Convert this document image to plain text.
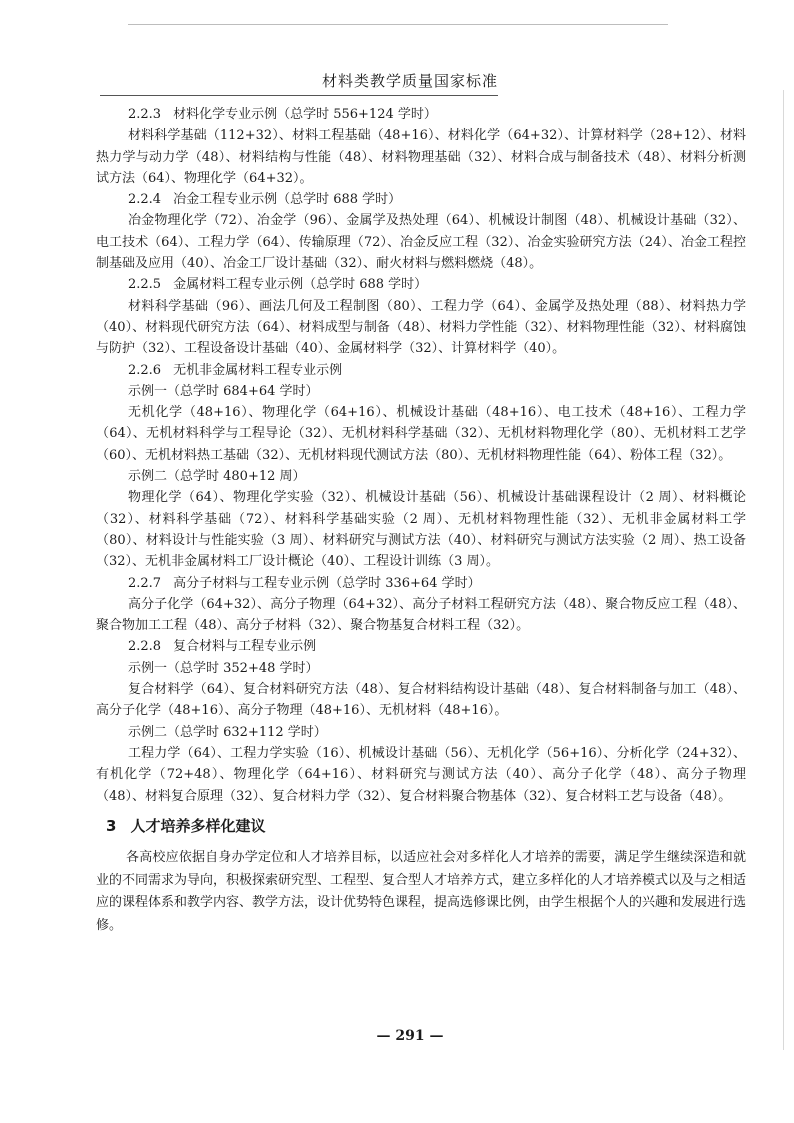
材料类教学质量国家标准
2.2.3 材料化学专业示例（总学时 556+124 学时）

材料科学基础（112+32）、材料工程基础（48+16）、材料化学（64+32）、计算材料学（28+12）、材料热力学与动力学（48）、材料结构与性能（48）、材料物理基础（32）、材料合成与制备技术（48）、材料分析测试方法（64）、物理化学（64+32）。

2.2.4 冶金工程专业示例（总学时 688 学时）

冶金物理化学（72）、冶金学（96）、金属学及热处理（64）、机械设计制图（48）、机械设计基础（32）、电工技术（64）、工程力学（64）、传输原理（72）、冶金反应工程（32）、冶金实验研究方法（24）、冶金工程控制基础及应用（40）、冶金工厂设计基础（32）、耐火材料与燃料燃烧（48）。

2.2.5 金属材料工程专业示例（总学时 688 学时）

材料科学基础（96）、画法几何及工程制图（80）、工程力学（64）、金属学及热处理（88）、材料热力学（40）、材料现代研究方法（64）、材料成型与制备（48）、材料力学性能（32）、材料物理性能（32）、材料腐蚀与防护（32）、工程设备设计基础（40）、金属材料学（32）、计算材料学（40）。

2.2.6 无机非金属材料工程专业示例
示例一（总学时 684+64 学时）

无机化学（48+16）、物理化学（64+16）、机械设计基础（48+16）、电工技术（48+16）、工程力学（64）、无机材料科学与工程导论（32）、无机材料科学基础（32）、无机材料物理化学（80）、无机材料工艺学（60）、无机材料热工基础（32）、无机材料现代测试方法（80）、无机材料物理性能（64）、粉体工程（32）。

示例二（总学时 480+12 周）

物理化学（64）、物理化学实验（32）、机械设计基础（56）、机械设计基础课程设计（2 周）、材料概论（32）、材料科学基础（72）、材料科学基础实验（2 周）、无机材料物理性能（32）、无机非金属材料工学（80）、材料设计与性能实验（3 周）、材料研究与测试方法（40）、材料研究与测试方法实验（2 周）、热工设备（32）、无机非金属材料工厂设计概论（40）、工程设计训练（3 周）。

2.2.7 高分子材料与工程专业示例（总学时 336+64 学时）

高分子化学（64+32）、高分子物理（64+32）、高分子材料工程研究方法（48）、聚合物反应工程（48）、聚合物加工工程（48）、高分子材料（32）、聚合物基复合材料工程（32）。

2.2.8 复合材料与工程专业示例
示例一（总学时 352+48 学时）

复合材料学（64）、复合材料研究方法（48）、复合材料结构设计基础（48）、复合材料制备与加工（48）、高分子化学（48+16）、高分子物理（48+16）、无机材料（48+16）。

示例二（总学时 632+112 学时）

工程力学（64）、工程力学实验（16）、机械设计基础（56）、无机化学（56+16）、分析化学（24+32）、有机化学（72+48）、物理化学（64+16）、材料研究与测试方法（40）、高分子化学（48）、高分子物理（48）、材料复合原理（32）、复合材料力学（32）、复合材料聚合物基体（32）、复合材料工艺与设备（48）。

3 人才培养多样化建议

各高校应依据自身办学定位和人才培养目标，以适应社会对多样化人才培养的需要，满足学生继续深造和就业的不同需求为导向，积极探索研究型、工程型、复合型人才培养方式，建立多样化的人才培养模式以及与之相适应的课程体系和教学内容、教学方法，设计优势特色课程，提高选修课比例，由学生根据个人的兴趣和发展进行选修。

— 291 —
